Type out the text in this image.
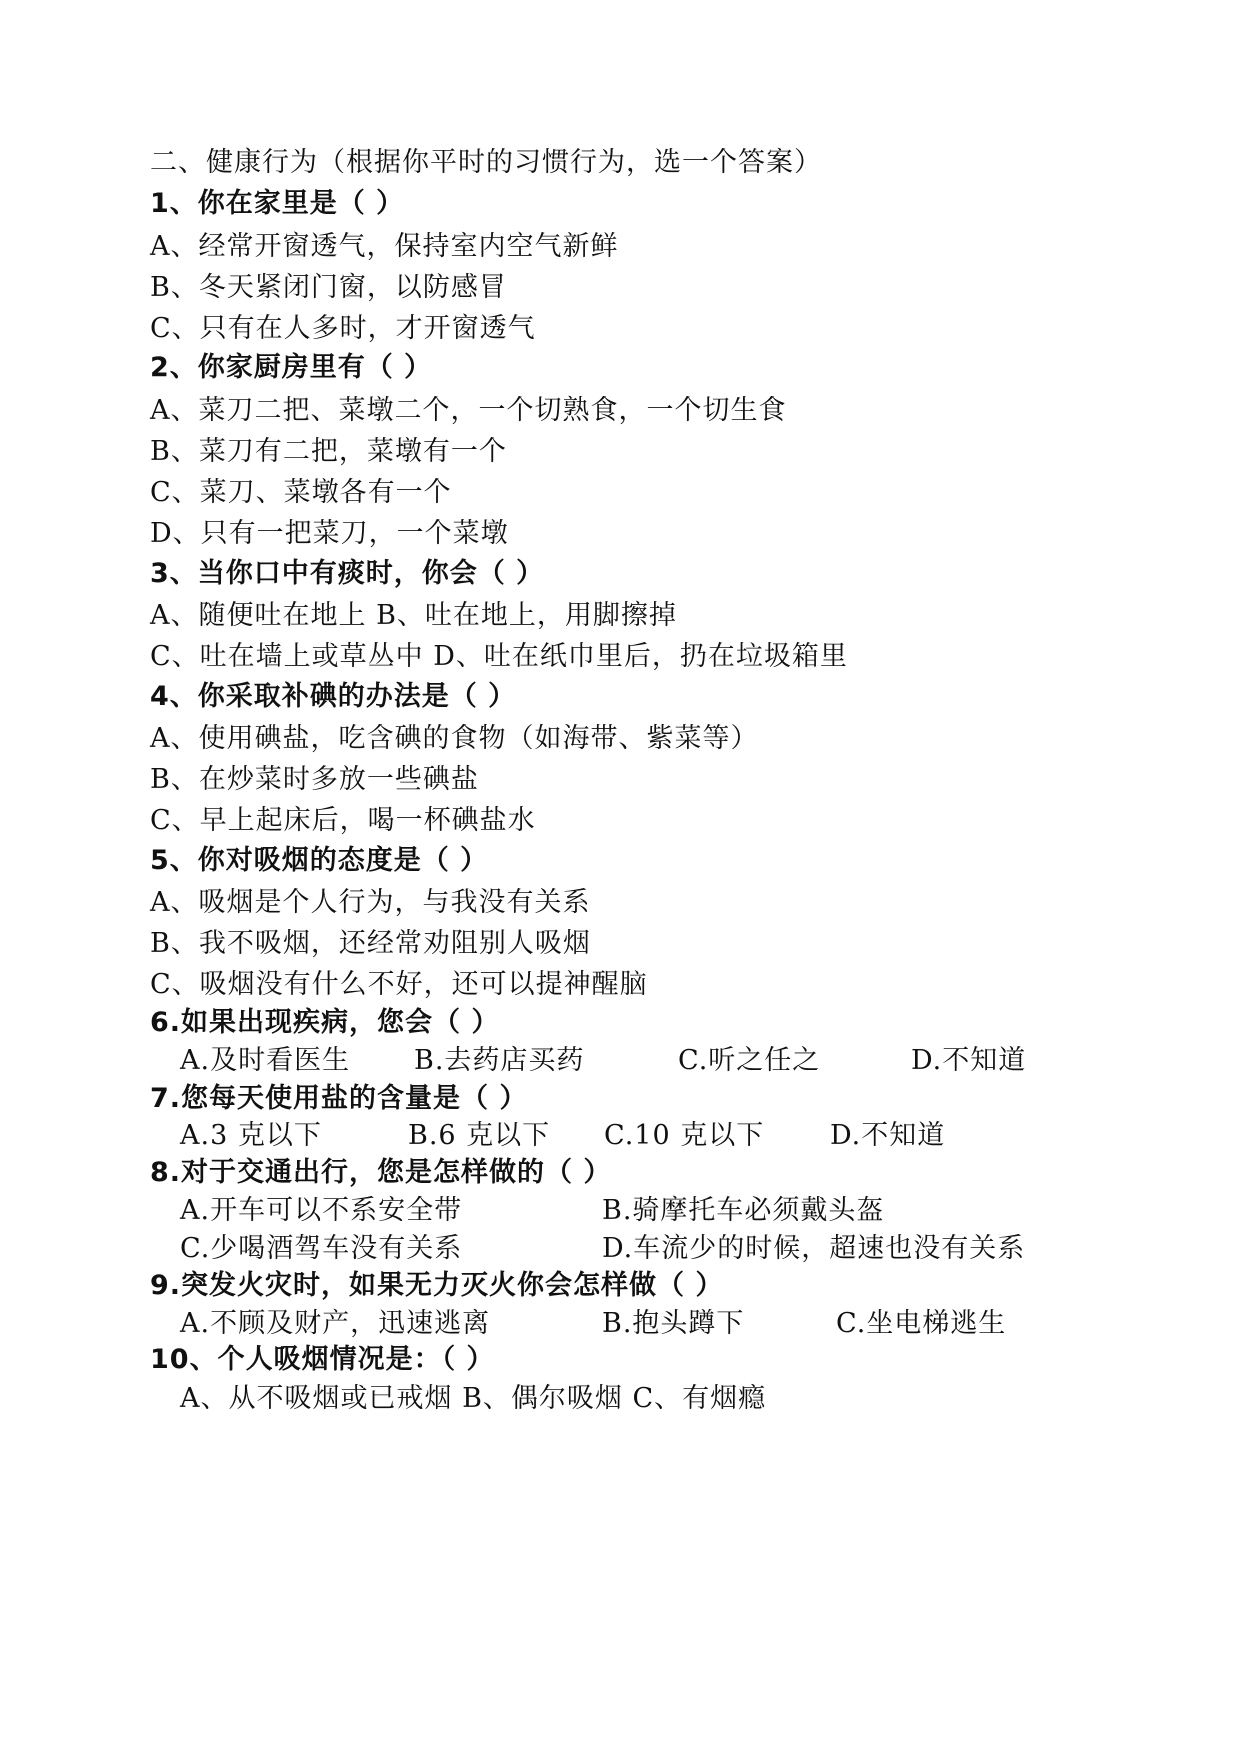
二、健康行为（根据你平时的习惯行为，选一个答案）
1、你在家里是（ ）
A、经常开窗透气，保持室内空气新鲜
B、冬天紧闭门窗，以防感冒
C、只有在人多时，才开窗透气
2、你家厨房里有（ ）
A、菜刀二把、菜墩二个，一个切熟食，一个切生食
B、菜刀有二把，菜墩有一个
C、菜刀、菜墩各有一个
D、只有一把菜刀，一个菜墩
3、当你口中有痰时，你会（ ）
A、随便吐在地上 B、吐在地上，用脚擦掉
C、吐在墙上或草丛中 D、吐在纸巾里后，扔在垃圾箱里
4、你采取补碘的办法是（ ）
A、使用碘盐，吃含碘的食物（如海带、紫菜等）
B、在炒菜时多放一些碘盐
C、早上起床后，喝一杯碘盐水
5、你对吸烟的态度是（ ）
A、吸烟是个人行为，与我没有关系
B、我不吸烟，还经常劝阻别人吸烟
C、吸烟没有什么不好，还可以提神醒脑
6.如果出现疾病，您会（ ）
A.及时看医生 B.去药店买药	C.听之任之	D.不知道
7.您每天使用盐的含量是（ ）
A.3 克以下	B.6 克以下 C.10 克以下 D.不知道
8.对于交通出行，您是怎样做的（ ）
A.开车可以不系安全带	B.骑摩托车必须戴头盔
C.少喝酒驾车没有关系	D.车流少的时候，超速也没有关系
9.突发火灾时，如果无力灭火你会怎样做（ ）
A.不顾及财产，迅速逃离	B.抱头蹲下	C.坐电梯逃生
10、个人吸烟情况是：（ ）
A、从不吸烟或已戒烟 B、偶尔吸烟 C、有烟瘾
